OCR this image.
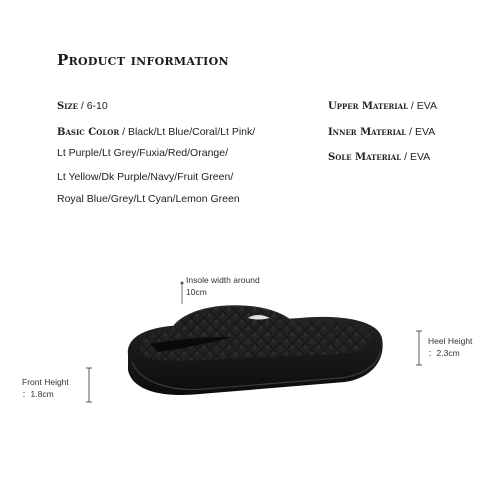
Product information
Size / 6-10
Basic Color / Black/Lt Blue/Coral/Lt Pink/
Lt Purple/Lt Grey/Fuxia/Red/Orange/
Lt Yellow/Dk Purple/Navy/Fruit Green/
Royal Blue/Grey/Lt Cyan/Lemon Green
Upper Material / EVA
Inner Material / EVA
Sole Material / EVA
Insole width around
10cm
Heel Height
：2.3cm
Front Height
：1.8cm
